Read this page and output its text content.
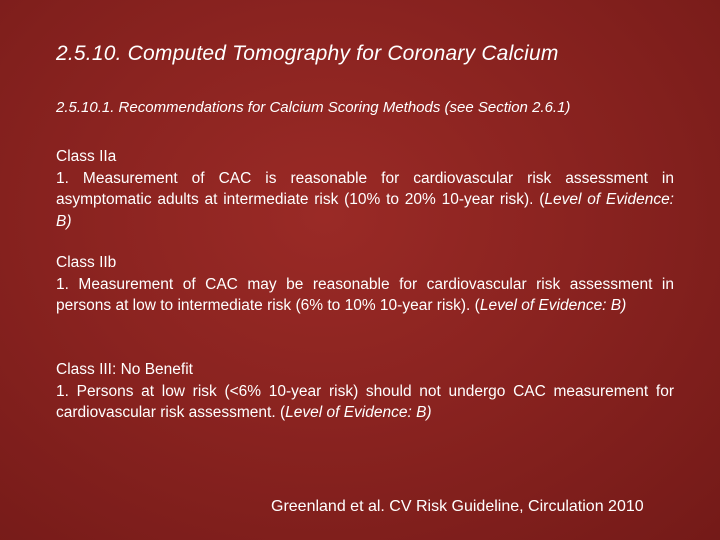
2.5.10. Computed Tomography for Coronary Calcium
2.5.10.1. Recommendations for Calcium Scoring Methods (see Section 2.6.1)
Class IIa
1. Measurement of CAC is reasonable for cardiovascular risk assessment in asymptomatic adults at intermediate risk (10% to 20% 10-year risk). (Level of Evidence: B)
Class IIb
1. Measurement of CAC may be reasonable for cardiovascular risk assessment in persons at low to intermediate risk (6% to 10% 10-year risk). (Level of Evidence: B)
Class III: No Benefit
1. Persons at low risk (<6% 10-year risk) should not undergo CAC measurement for cardiovascular risk assessment. (Level of Evidence: B)
Greenland et al. CV Risk Guideline, Circulation 2010
